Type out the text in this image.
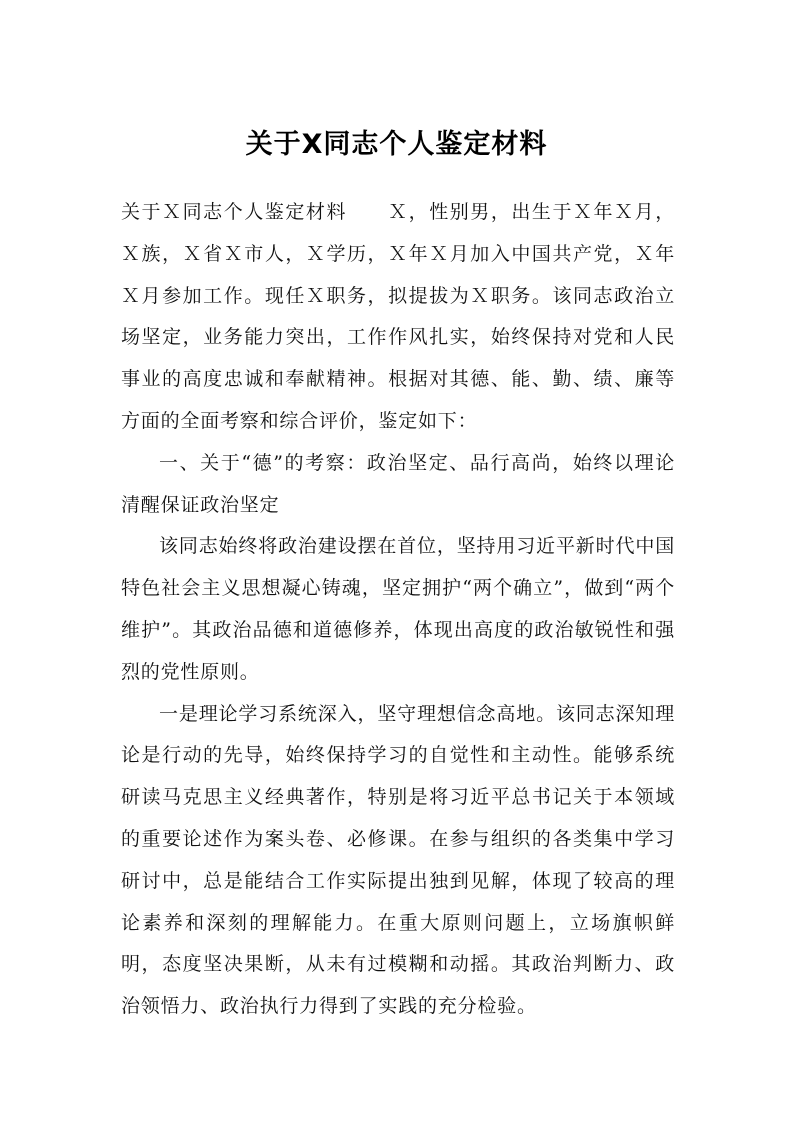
关于X同志个人鉴定材料

关于Ｘ同志个人鉴定材料　　Ｘ，性别男，出生于Ｘ年Ｘ月，Ｘ族，Ｘ省Ｘ市人，Ｘ学历，Ｘ年Ｘ月加入中国共产党，Ｘ年Ｘ月参加工作。现任Ｘ职务，拟提拔为Ｘ职务。该同志政治立场坚定，业务能力突出，工作作风扎实，始终保持对党和人民事业的高度忠诚和奉献精神。根据对其德、能、勤、绩、廉等方面的全面考察和综合评价，鉴定如下：

一、关于“德”的考察：政治坚定、品行高尚，始终以理论清醒保证政治坚定

该同志始终将政治建设摆在首位，坚持用习近平新时代中国特色社会主义思想凝心铸魂，坚定拥护“两个确立”，做到“两个维护”。其政治品德和道德修养，体现出高度的政治敏锐性和强烈的党性原则。

一是理论学习系统深入，坚守理想信念高地。该同志深知理论是行动的先导，始终保持学习的自觉性和主动性。能够系统研读马克思主义经典著作，特别是将习近平总书记关于本领域的重要论述作为案头卷、必修课。在参与组织的各类集中学习研讨中，总是能结合工作实际提出独到见解，体现了较高的理论素养和深刻的理解能力。在重大原则问题上，立场旗帜鲜明，态度坚决果断，从未有过模糊和动摇。其政治判断力、政治领悟力、政治执行力得到了实践的充分检验。
